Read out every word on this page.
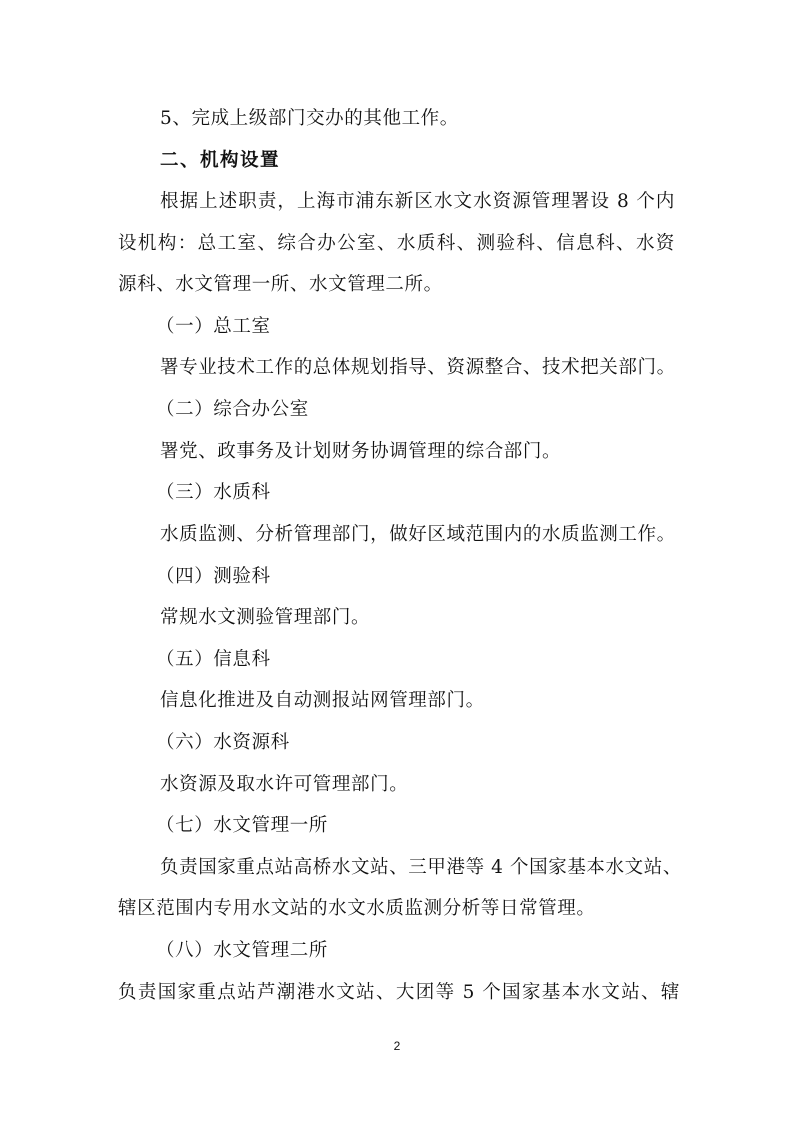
5、完成上级部门交办的其他工作。
二、机构设置
根据上述职责，上海市浦东新区水文水资源管理署设 8 个内
设机构：总工室、综合办公室、水质科、测验科、信息科、水资
源科、水文管理一所、水文管理二所。
（一）总工室
署专业技术工作的总体规划指导、资源整合、技术把关部门。
（二）综合办公室
署党、政事务及计划财务协调管理的综合部门。
（三）水质科
水质监测、分析管理部门，做好区域范围内的水质监测工作。
（四）测验科
常规水文测验管理部门。
（五）信息科
信息化推进及自动测报站网管理部门。
（六）水资源科
水资源及取水许可管理部门。
（七）水文管理一所
负责国家重点站高桥水文站、三甲港等 4 个国家基本水文站、
辖区范围内专用水文站的水文水质监测分析等日常管理。
（八）水文管理二所
负责国家重点站芦潮港水文站、大团等 5 个国家基本水文站、辖
2
